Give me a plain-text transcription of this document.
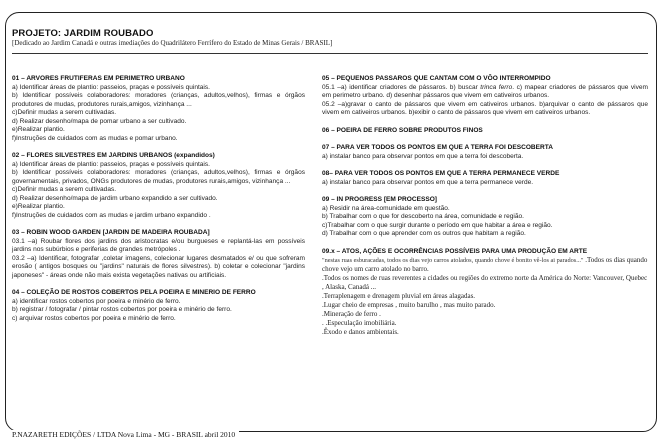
PROJETO: JARDIM ROUBADO
[Dedicado ao Jardim Canadá e outras imediações do Quadrilátero Ferrífero do Estado de Minas Gerais / BRASIL]

01 – ARVORES FRUTIFERAS EM PERIMETRO URBANO

a) Identificar áreas de plantio: passeios, praças e possíveis quintais.

b) Identificar possíveis colaboradores: moradores (crianças, adultos,velhos), firmas e órgãos produtores de mudas, produtores rurais,amigos, vizinhança ...

c)Definir mudas a serem cultivadas.

d) Realizar desenho/mapa de pomar urbano a ser cultivado.

e)Realizar plantio.

f)Instruções de cuidados com as mudas e pomar urbano.

02 – FLORES SILVESTRES EM JARDINS URBANOS (expandidos)

a) Identificar áreas de plantio: passeios, praças e possíveis quintais.

b) Identificar possíveis colaboradores: moradores (crianças, adultos,velhos), firmas e órgãos governamentais, privados, ONGs produtores de mudas, produtores rurais,amigos, vizinhança ...

c)Definir mudas a serem cultivadas.

d) Realizar desenho/mapa de jardim urbano expandido a ser cultivado.

e)Realizar plantio.

f)Instruções de cuidados com as mudas e jardim urbano expandido .

03 – ROBIN WOOD GARDEN [JARDIN DE MADEIRA ROUBADA]

03.1 –a) Roubar flores dos jardins dos aristocratas e/ou burgueses e replantá-las em possíveis jardins nos subúrbios e periferias de grandes metrópoles .

03.2 –a) Identificar, fotografar ,coletar imagens, colecionar lugares desmatados e/ ou que sofreram erosão ( antigos bosques ou "jardins" naturais de flores silvestres). b) coletar e colecionar "jardins japoneses" - áreas onde não mais exista vegetações nativas ou artificiais.

04 – COLEÇÃO DE ROSTOS COBERTOS PELA POEIRA E MINERIO DE FERRO

a) identificar rostos cobertos por poeira e minério de ferro.

b) registrar / fotografar / pintar rostos cobertos por poeira e minério de ferro.

c) arquivar rostos cobertos por poeira e minério de ferro.

05 – PEQUENOS PASSAROS QUE CANTAM COM O VÔO INTERROMPIDO

05.1 –a) identificar criadores de pássaros. b) buscar trinca ferro. c) mapear criadores de pássaros que vivem em perimetro urbano. d) desenhar pássaros que vivem em cativeiros urbanos.

05.2 –a)gravar o canto de pássaros que vivem em cativeiros urbanos. b)arquivar o canto de pássaros que vivem em cativeiros urbanos. b)exibir o canto de pássaros que vivem em cativeiros urbanos.

06 – POEIRA DE FERRO SOBRE PRODUTOS FINOS

07 – PARA VER TODOS OS PONTOS EM QUE A TERRA FOI DESCOBERTA

a) instalar banco para observar pontos em que a terra foi descoberta.

08– PARA VER TODOS OS PONTOS EM QUE A TERRA PERMANECE VERDE

a) instalar banco para observar pontos em que a terra permanece verde.

09 – IN PROGRESS [EM PROCESSO]

a) Residir na área-comunidade em questão.

b) Trabalhar com o que for descoberto na área, comunidade e região.

c)Trabalhar com o que surgir durante o período em que habitar a área e região.

d) Trabalhar com o que aprender com os outros que habitam a região.

09.x – ATOS, AÇÕES E OCORRÊNCIAS POSSÍVEIS PARA UMA PRODUÇÃO EM ARTE

"nestas ruas esburacadas, todos os dias vejo carros atolados, quando chove é bonito vê-los ai parados..." .Todos os dias quando chove vejo um carro atolado no barro.

.Todos os nomes de ruas reverentes a cidades ou regiões do extremo norte da América do Norte: Vancouver, Quebec , Alaska, Canadá ...

.Terraplenagem e drenagem pluvial em áreas alagadas.

.Lugar cheio de empresas , muito barulho , mas muito parado.

.Mineração de ferro .

. .Especulação imobiliária.

.Êxodo e danos ambientais.

P.NAZARETH EDIÇÕES / LTDA Nova Lima - MG - BRASIL abril 2010
